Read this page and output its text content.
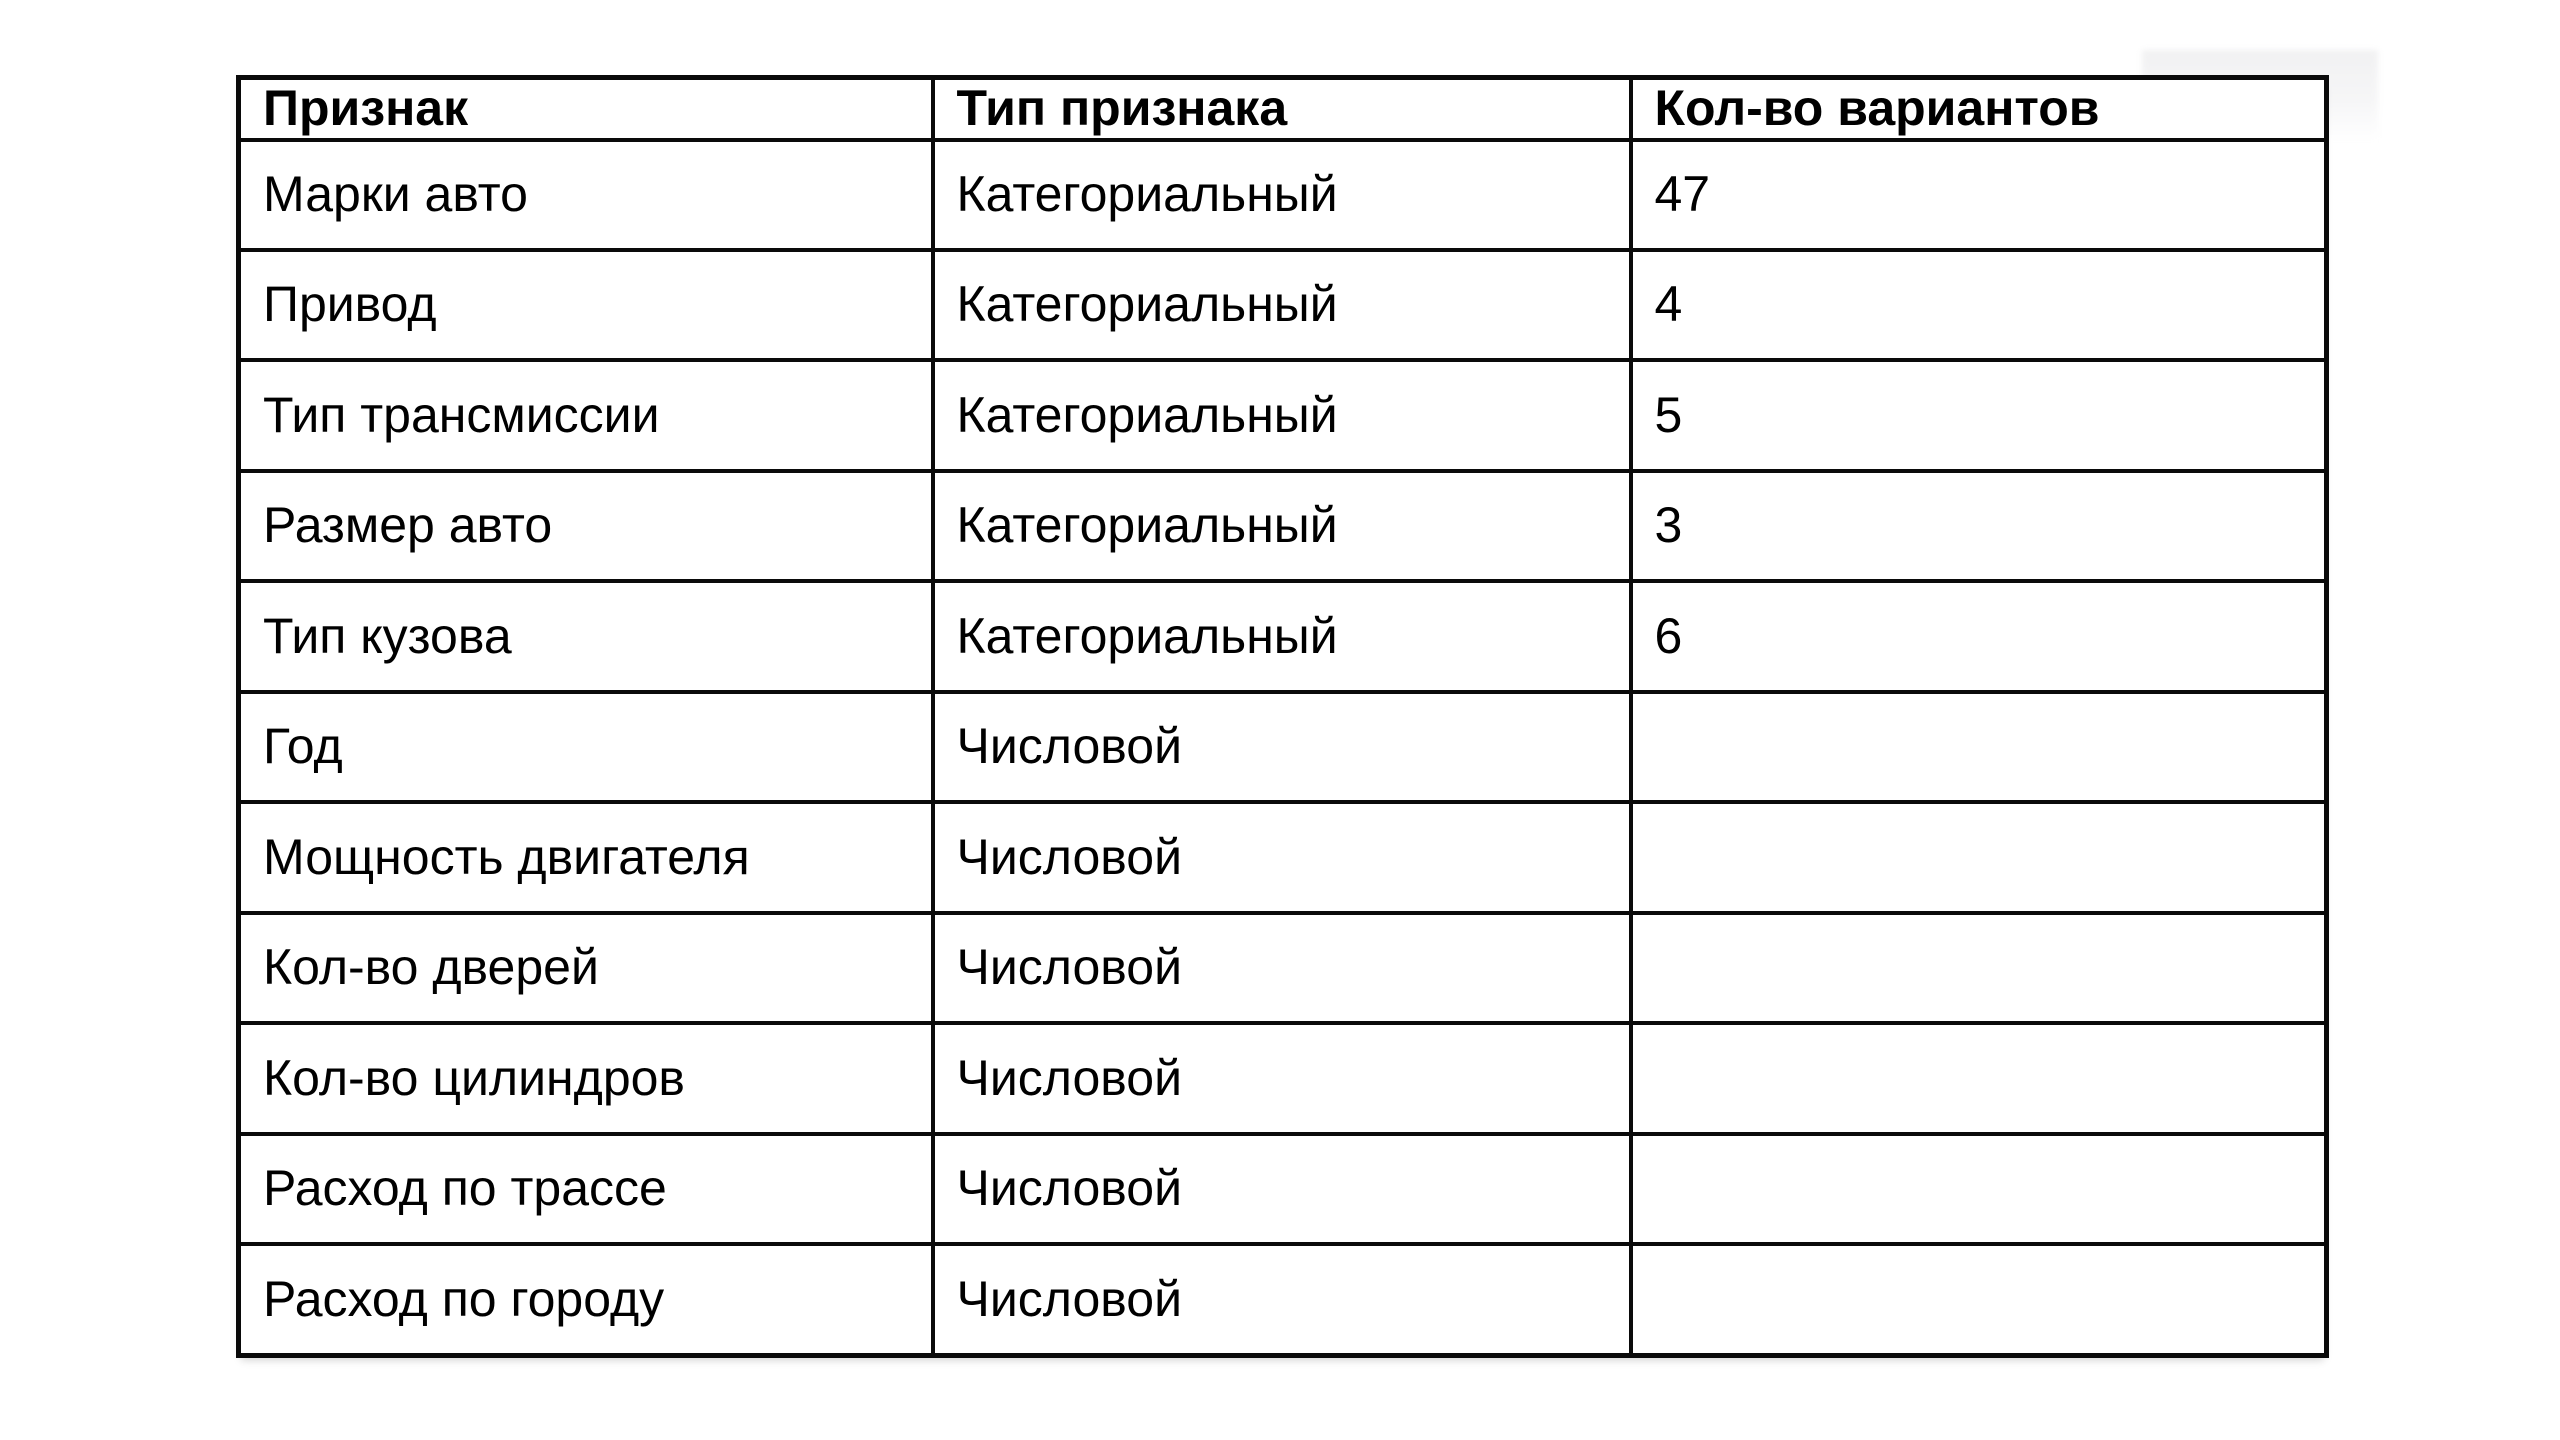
Признак	Тип признака	Кол-во вариантов
Марки авто	Категориальный	47
Привод	Категориальный	4
Тип трансмиссии	Категориальный	5
Размер авто	Категориальный	3
Тип кузова	Категориальный	6
Год	Числовой	
Мощность двигателя	Числовой	
Кол-во дверей	Числовой	
Кол-во цилиндров	Числовой	
Расход по трассе	Числовой	
Расход по городу	Числовой	
